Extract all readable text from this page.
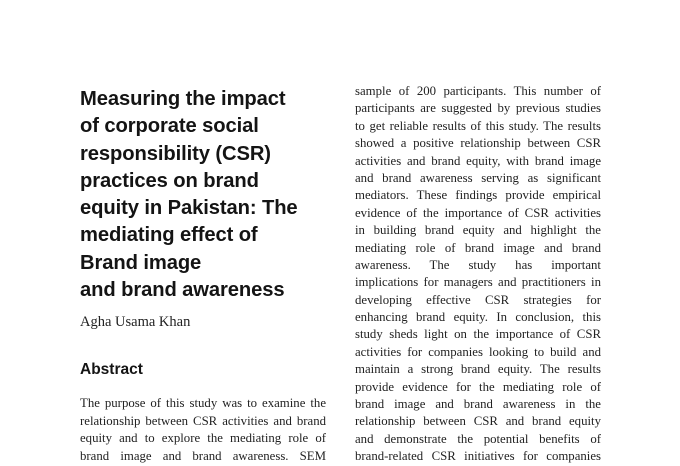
Measuring the impact
of corporate social
responsibility (CSR)
practices on brand
equity in Pakistan: The
mediating effect of
Brand image
and brand awareness
Agha Usama Khan
Abstract
The purpose of this study was to examine the
relationship between CSR activities and brand
equity and to explore the mediating role of
brand image and brand awareness. SEM
sample of 200 participants. This number of
participants are suggested by previous studies
to get reliable results of this study. The results
showed a positive relationship between CSR
activities and brand equity, with brand image
and brand awareness serving as significant
mediators. These findings provide empirical
evidence of the importance of CSR activities
in building brand equity and highlight the
mediating role of brand image and brand
awareness. The study has important
implications for managers and practitioners in
developing effective CSR strategies for
enhancing brand equity. In conclusion, this
study sheds light on the importance of CSR
activities for companies looking to build and
maintain a strong brand equity. The results
provide evidence for the mediating role of
brand image and brand awareness in the
relationship between CSR and brand equity
and demonstrate the potential benefits of
brand-related CSR initiatives for companies
